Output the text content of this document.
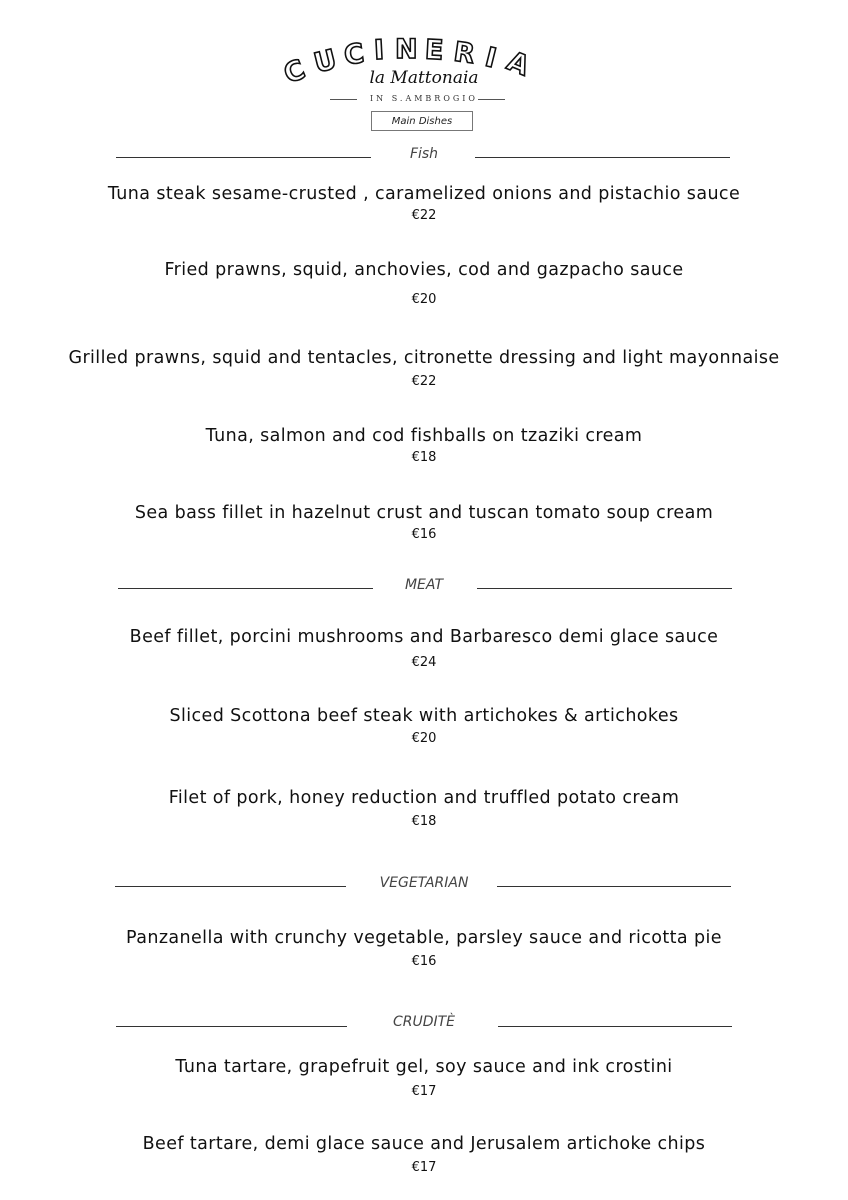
C U C I N E R I A
la Mattonaia
IN S.AMBROGIO
Main Dishes
Fish
Tuna steak sesame-crusted , caramelized onions and pistachio sauce
€22
Fried prawns, squid, anchovies, cod and gazpacho sauce
€20
Grilled prawns, squid and tentacles, citronette dressing and light mayonnaise
€22
Tuna, salmon and cod fishballs on tzaziki cream
€18
Sea bass fillet in hazelnut crust and tuscan tomato soup cream
€16
MEAT
Beef fillet, porcini mushrooms and Barbaresco demi glace sauce
€24
Sliced Scottona beef steak with artichokes & artichokes
€20
Filet of pork, honey reduction and truffled potato cream
€18
VEGETARIAN
Panzanella with crunchy vegetable, parsley sauce and ricotta pie
€16
CRUDITÈ
Tuna tartare, grapefruit gel, soy sauce and ink crostini
€17
Beef tartare, demi glace sauce and Jerusalem artichoke chips
€17
